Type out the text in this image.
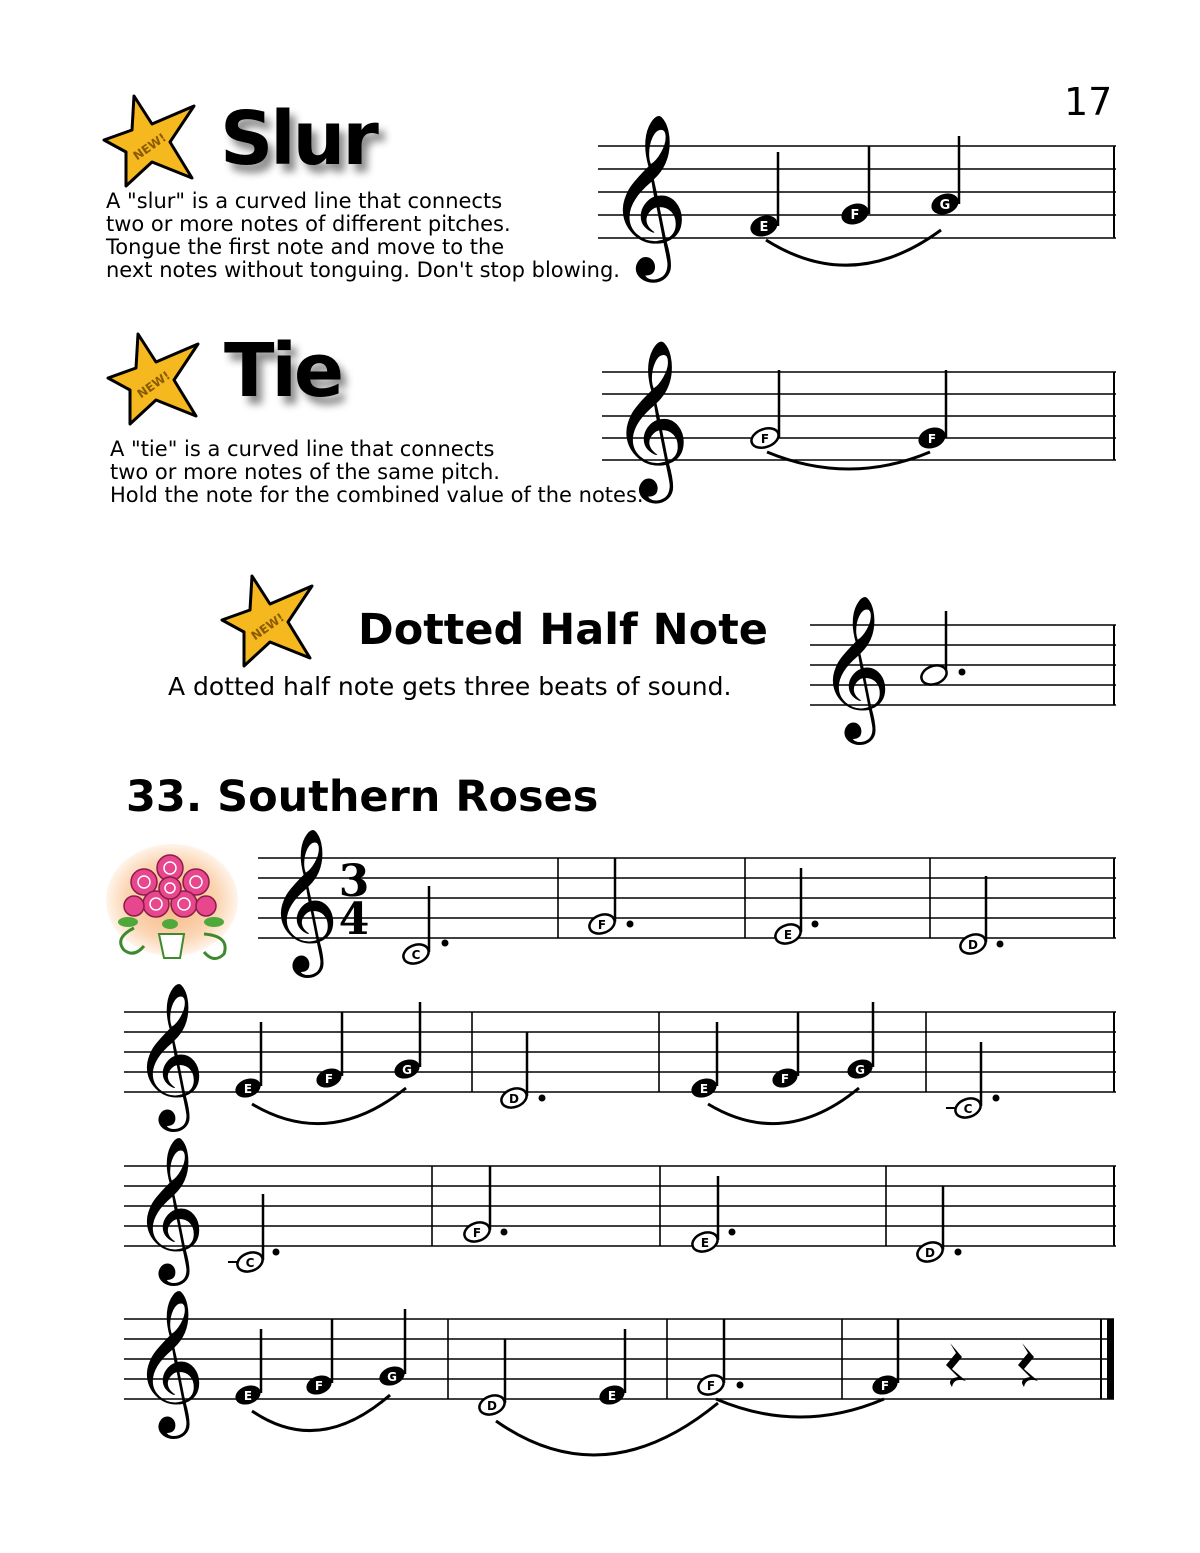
17
NEW! Slur
A "slur" is a curved line that connects
two or more notes of different pitches.
Tongue the first note and move to the
next notes without tonguing. Don't stop blowing.
𝄞	E
F
G
NEW! Tie
A "tie" is a curved line that connects
two or more notes of the same pitch.
Hold the note for the combined value of the notes.
𝄞	F	F
NEW! Dotted Half Note
A dotted half note gets three beats of sound. 𝄞
33. Southern Roses
𝄞 3
4
C
F
E
D
𝄞	E
F
G
D
E
F
G
C
𝄞	C
F
E
D
𝄞	E
F
G
D
E
F	F
